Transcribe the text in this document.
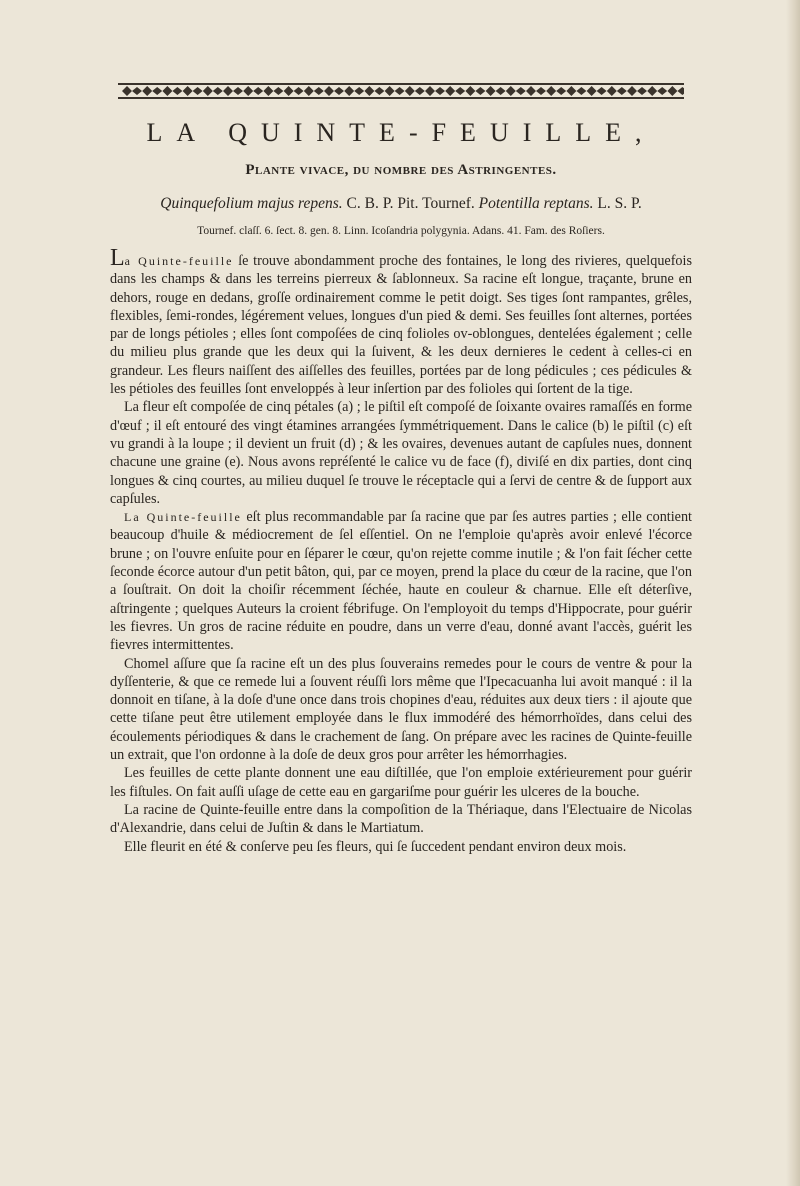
LA QUINTE-FEUILLE,
Plante vivace, du nombre des Astringentes.
Quinquefolium majus repens. C. B. P. Pit. Tournef. Potentilla reptans. L. S. P.
Tournef. claſſ. 6. ſect. 8. gen. 8. Linn. Icoſandria polygynia. Adans. 41. Fam. des Roſiers.

La Quinte-feuille ſe trouve abondamment proche des fontaines, le long des rivieres, quelquefois dans les champs & dans les terreins pierreux & ſablonneux. Sa racine eſt longue, traçante, brune en dehors, rouge en dedans, groſſe ordinairement comme le petit doigt. Ses tiges ſont rampantes, grêles, flexibles, ſemi-rondes, légérement velues, longues d'un pied & demi. Ses feuilles ſont alternes, portées par de longs pétioles ; elles ſont compoſées de cinq folioles ov-oblongues, dentelées également ; celle du milieu plus grande que les deux qui la ſuivent, & les deux dernieres le cedent à celles-ci en grandeur. Les fleurs naiſſent des aiſſelles des feuilles, portées par de long pédicules ; ces pédicules & les pétioles des feuilles ſont enveloppés à leur inſertion par des folioles qui ſortent de la tige.

La fleur eſt compoſée de cinq pétales (a) ; le piſtil eſt compoſé de ſoixante ovaires ramaſſés en forme d'œuf ; il eſt entouré des vingt étamines arrangées ſymmétriquement. Dans le calice (b) le piſtil (c) eſt vu grandi à la loupe ; il devient un fruit (d) ; & les ovaires, devenues autant de capſules nues, donnent chacune une graine (e). Nous avons repréſenté le calice vu de face (f), diviſé en dix parties, dont cinq longues & cinq courtes, au milieu duquel ſe trouve le réceptacle qui a ſervi de centre & de ſupport aux capſules.

La Quinte-feuille eſt plus recommandable par ſa racine que par ſes autres parties ; elle contient beaucoup d'huile & médiocrement de ſel eſſentiel. On ne l'emploie qu'après avoir enlevé l'écorce brune ; on l'ouvre enſuite pour en ſéparer le cœur, qu'on rejette comme inutile ; & l'on fait ſécher cette ſeconde écorce autour d'un petit bâton, qui, par ce moyen, prend la place du cœur de la racine, que l'on a ſouſtrait. On doit la choiſir récemment ſéchée, haute en couleur & charnue. Elle eſt déterſive, aſtringente ; quelques Auteurs la croient fébrifuge. On l'employoit du temps d'Hippocrate, pour guérir les fievres. Un gros de racine réduite en poudre, dans un verre d'eau, donné avant l'accès, guérit les fievres intermittentes.

Chomel aſſure que ſa racine eſt un des plus ſouverains remedes pour le cours de ventre & pour la dyſſenterie, & que ce remede lui a ſouvent réuſſi lors même que l'Ipecacuanha lui avoit manqué : il la donnoit en tiſane, à la doſe d'une once dans trois chopines d'eau, réduites aux deux tiers : il ajoute que cette tiſane peut être utilement employée dans le flux immodéré des hémorrhoïdes, dans celui des écoulements périodiques & dans le crachement de ſang. On prépare avec les racines de Quinte-feuille un extrait, que l'on ordonne à la doſe de deux gros pour arrêter les hémorrhagies.

Les feuilles de cette plante donnent une eau diſtillée, que l'on emploie extérieurement pour guérir les fiſtules. On fait auſſi uſage de cette eau en gargariſme pour guérir les ulceres de la bouche.

La racine de Quinte-feuille entre dans la compoſition de la Thériaque, dans l'Electuaire de Nicolas d'Alexandrie, dans celui de Juſtin & dans le Martiatum.

Elle fleurit en été & conſerve peu ſes fleurs, qui ſe ſuccedent pendant environ deux mois.
